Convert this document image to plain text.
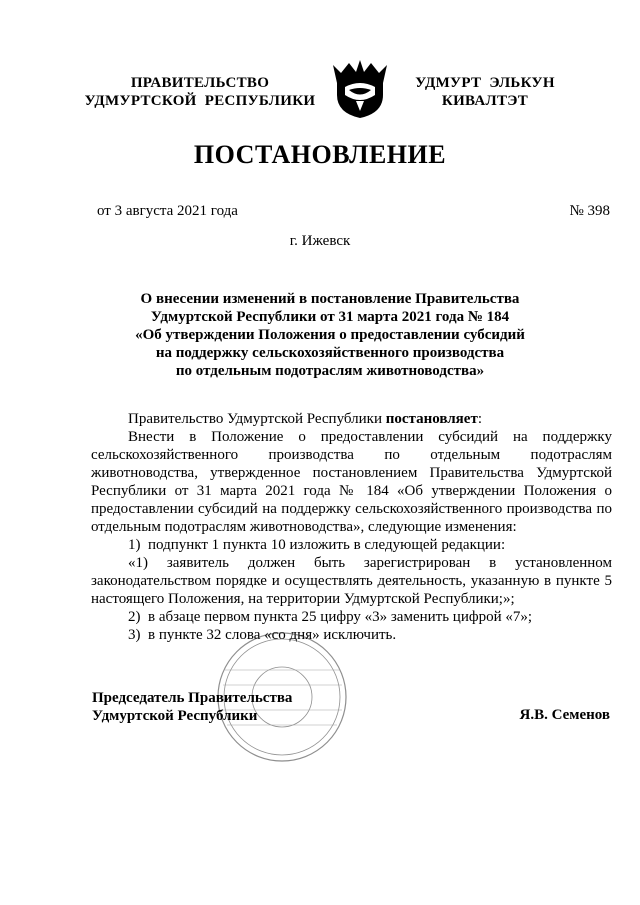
ПРАВИТЕЛЬСТВО
УДМУРТСКОЙ  РЕСПУБЛИКИ
УДМУРТ  ЭЛЬКУН
КИВАЛТЭТ
ПОСТАНОВЛЕНИЕ
от 3 августа 2021 года	№ 398
г. Ижевск
О внесении изменений в постановление Правительства
Удмуртской Республики от 31 марта 2021 года № 184
«Об утверждении Положения о предоставлении субсидий
на поддержку сельскохозяйственного производства
по отдельным подотраслям животноводства»
Правительство Удмуртской Республики постановляет:
Внести в Положение о предоставлении субсидий на поддержку сельскохозяйственного производства по отдельным подотраслям животноводства, утвержденное постановлением Правительства Удмуртской Республики от 31 марта 2021 года № 184 «Об утверждении Положения о предоставлении субсидий на поддержку сельскохозяйственного производства по отдельным подотраслям животноводства», следующие изменения:
1)  подпункт 1 пункта 10 изложить в следующей редакции:
«1) заявитель должен быть зарегистрирован в установленном законодательством порядке и осуществлять деятельность, указанную в пункте 5 настоящего Положения, на территории Удмуртской Республики;»;
2)  в абзаце первом пункта 25 цифру «3» заменить цифрой «7»;
3)  в пункте 32 слова «со дня» исключить.
Председатель Правительства
Удмуртской Республики	Я.В. Семенов
